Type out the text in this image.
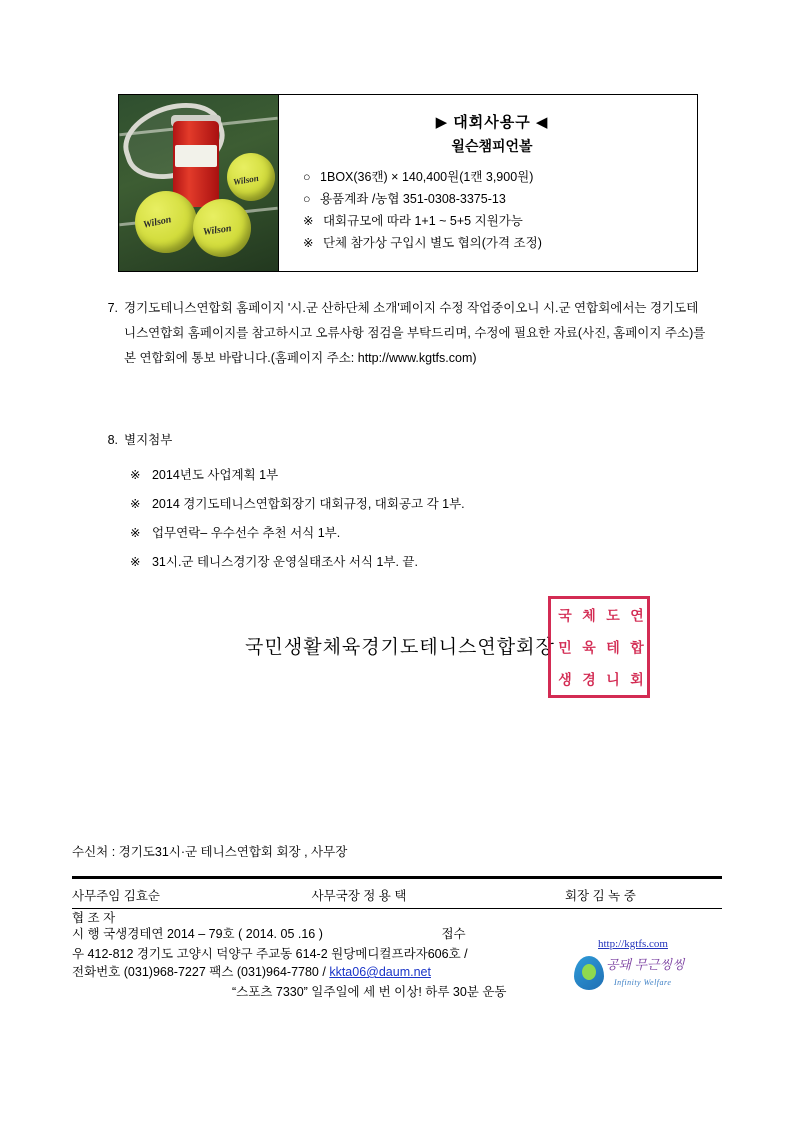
Wilson	Wilson
Wilson
▶ 대회사용구 ◀
윌슨챔피언볼
○ 1BOX(36캔) × 140,400원(1캔 3,900원)
○ 용품계좌 /농협 351-0308-3375-13
※ 대회규모에 따라 1+1 ~ 5+5 지원가능
※ 단체 참가상 구입시 별도 협의(가격 조정)
7. 경기도테니스연합회 홈페이지 '시.군 산하단체 소개'페이지 수정 작업중이오니 시.군 연합회에서는 경기도테니스연합회 홈페이지를 참고하시고 오류사항 점검을 부탁드리며, 수정에 필요한 자료(사진, 홈페이지 주소)를 본 연합회에 통보 바랍니다.(홈페이지 주소: http://www.kgtfs.com)
8. 별지첨부
※ 2014년도 사업계획 1부
※ 2014 경기도테니스연합회장기 대회규정, 대회공고 각 1부.
※ 업무연락– 우수선수 추천 서식 1부.
※ 31시.군 테니스경기장 운영실태조사 서식 1부. 끝.
국민생활체육경기도테니스연합회장
국 체 도 연
민 육 테 합
생 경 니 회
수신처 : 경기도31시·군 테니스연합회 회장 , 사무장
사무주임 김효순	사무국장 정 용 택	회장 김 녹 중
협 조 자
시 행 국생경테연 2014 – 79호 ( 2014. 05 .16 )	접수
우 412-812 경기도 고양시 덕양구 주교동 614-2 원당메디컬프라자606호 /
전화번호 (031)968-7227 팩스 (031)964-7780 / kkta06@daum.net
“스포츠 7330” 일주일에 세 번 이상! 하루 30분 운동
http://kgtfs.com
공돼 무근씽씽
Infinity Welfare
